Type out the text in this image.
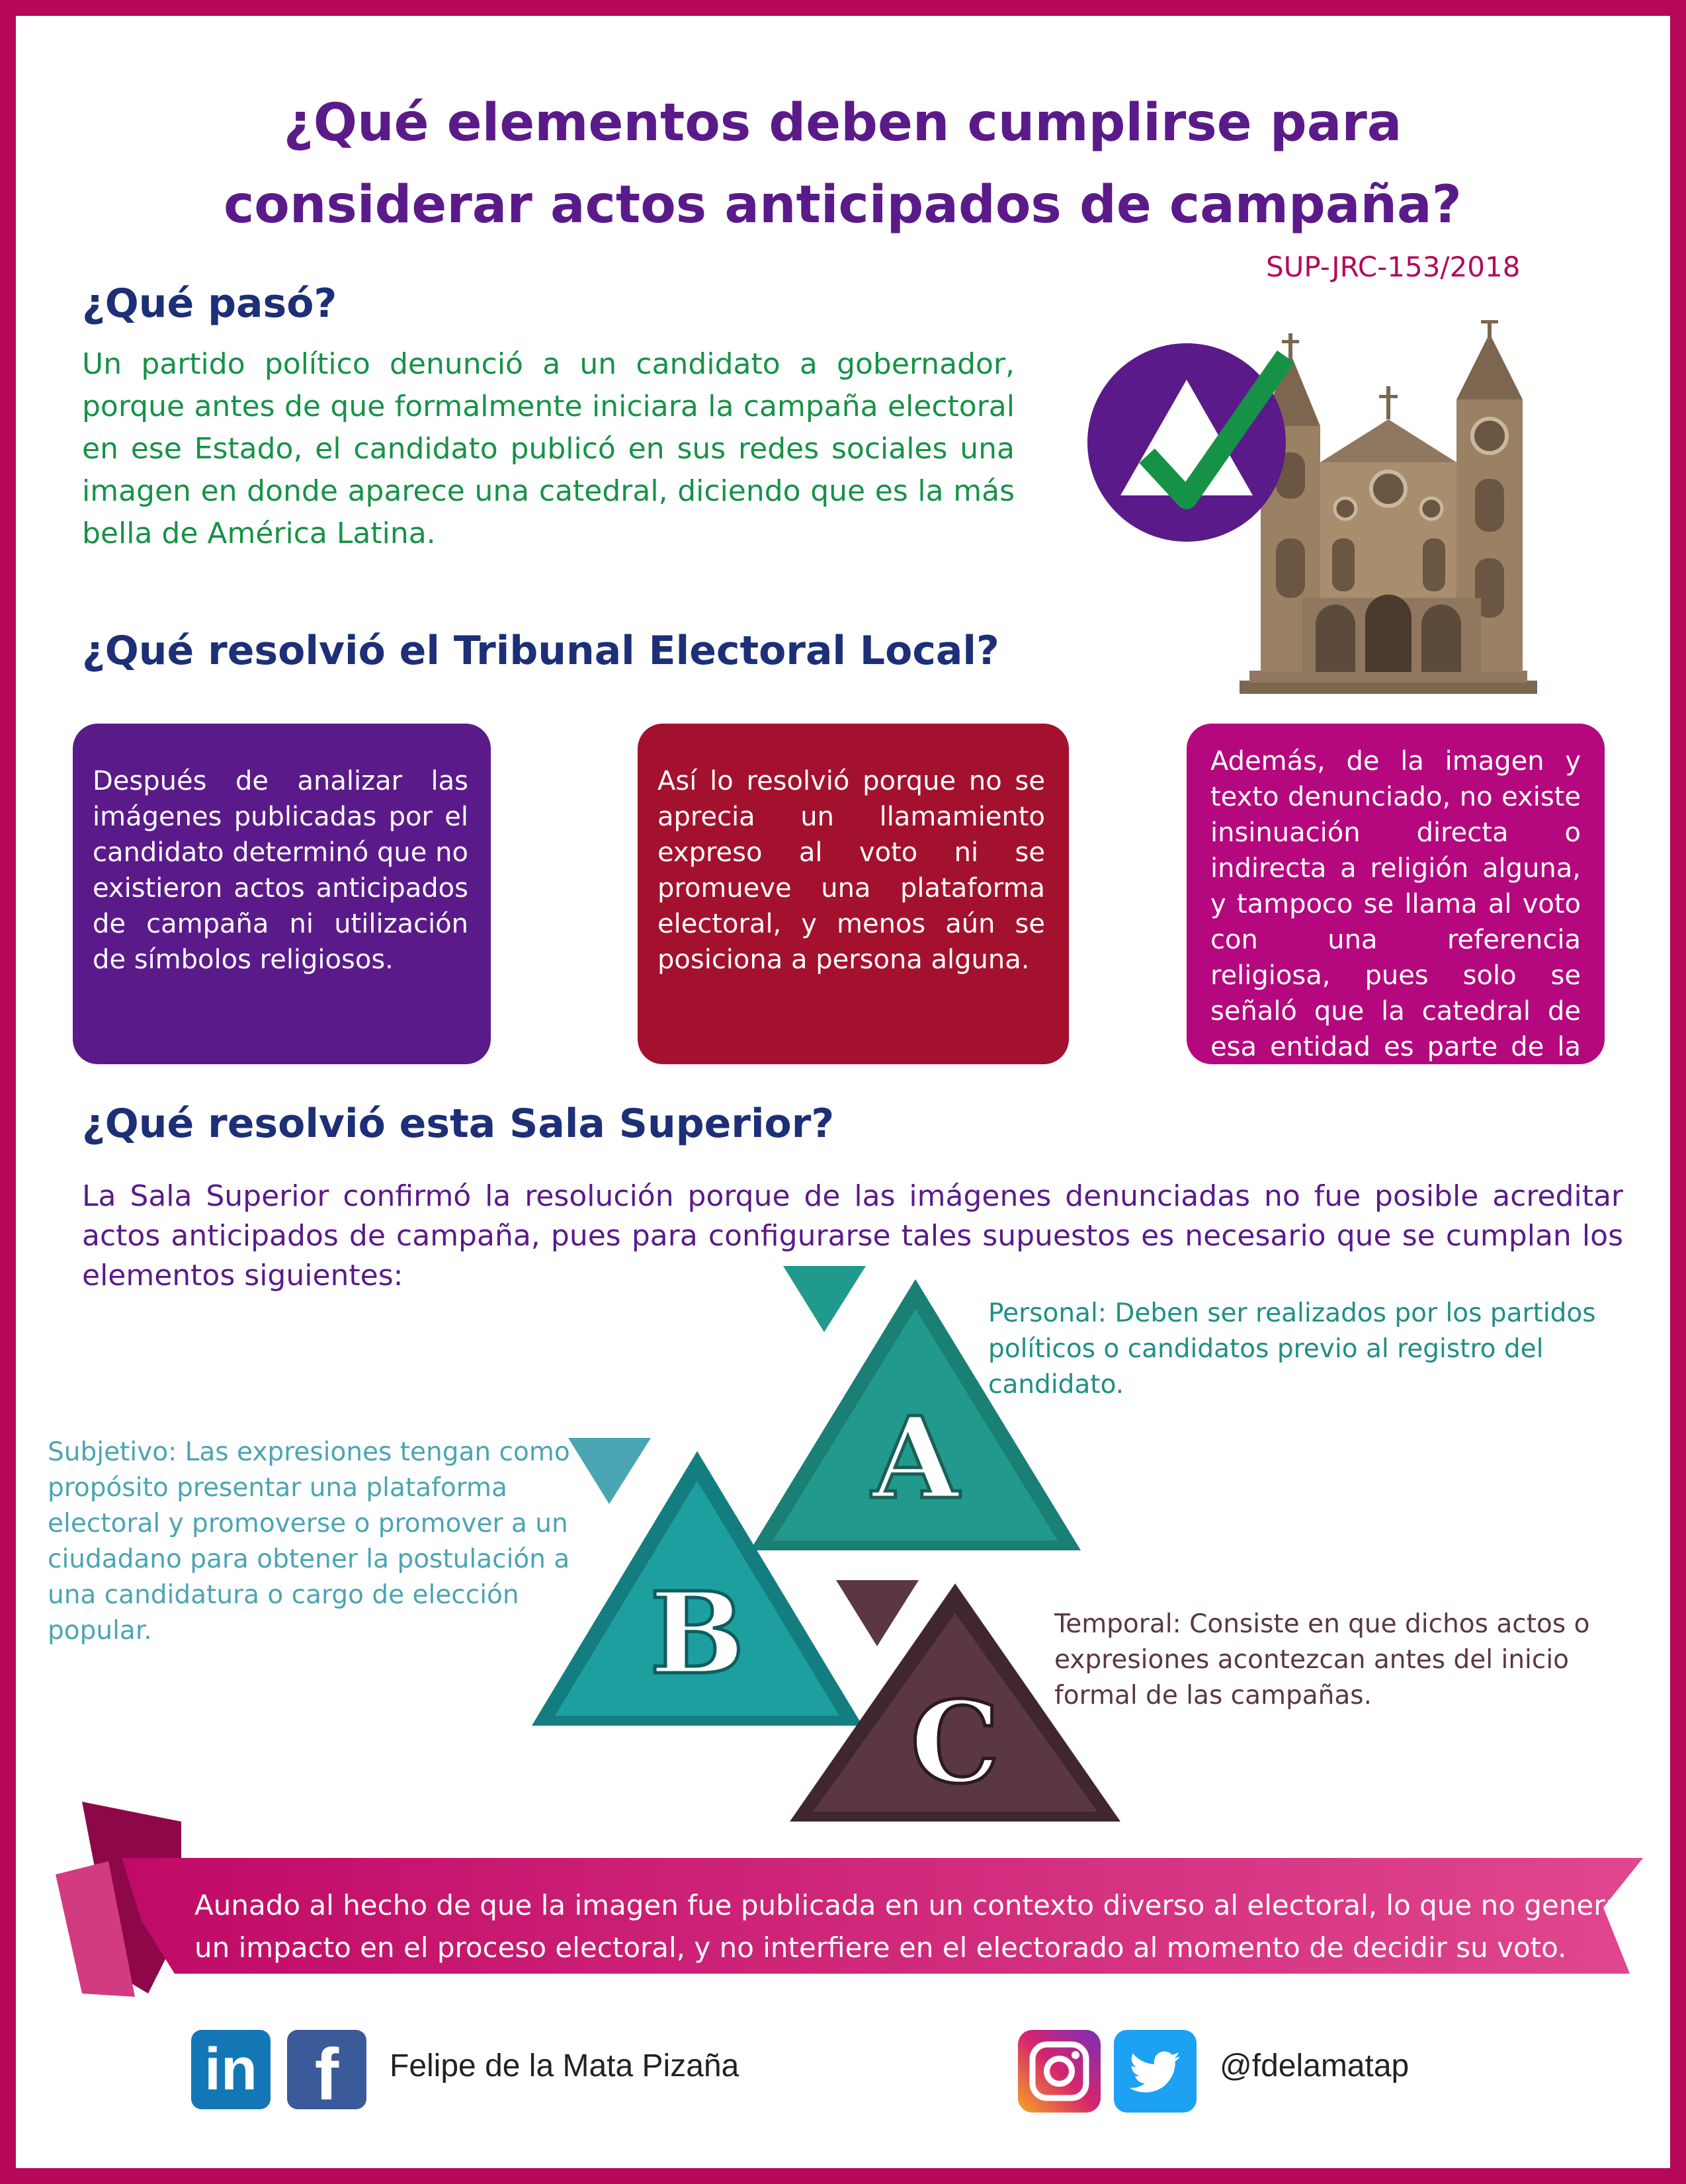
¿Qué elementos deben cumplirse para considerar actos anticipados de campaña?
SUP-JRC-153/2018
¿Qué pasó?
Un partido político denunció a un candidato a gobernador, porque antes de que formalmente iniciara la campaña electoral en ese Estado, el candidato publicó en sus redes sociales una imagen en donde aparece una catedral, diciendo que es la más bella de América Latina.
¿Qué resolvió el Tribunal Electoral Local?
Después de analizar las imágenes publicadas por el candidato determinó que no existieron actos anticipados de campaña ni utilización de símbolos religiosos.
Así lo resolvió porque no se aprecia un llamamiento expreso al voto ni se promueve una plataforma electoral, y menos aún se posiciona a persona alguna.
Además, de la imagen y texto denunciado, no existe insinuación directa o indirecta a religión alguna, y tampoco se llama al voto con una referencia religiosa, pues solo se señaló que la catedral de esa entidad es parte de la riqueza patrimonial.
¿Qué resolvió esta Sala Superior?
La Sala Superior confirmó la resolución porque de las imágenes denunciadas no fue posible acreditar actos anticipados de campaña, pues para configurarse tales supuestos es necesario que se cumplan los elementos siguientes:
A
B
C
Personal: Deben ser realizados por los partidos políticos o candidatos previo al registro del candidato.
Subjetivo: Las expresiones tengan como propósito presentar una plataforma electoral y promoverse o promover a un ciudadano para obtener la postulación a una candidatura o cargo de elección popular.	Temporal: Consiste en que dichos actos o expresiones acontezcan antes del inicio formal de las campañas.
Aunado al hecho de que la imagen fue publicada en un contexto diverso al electoral, lo que no genera un impacto en el proceso electoral, y no interfiere en el electorado al momento de decidir su voto.
in f	Felipe de la Mata Pizaña	@fdelamatap
